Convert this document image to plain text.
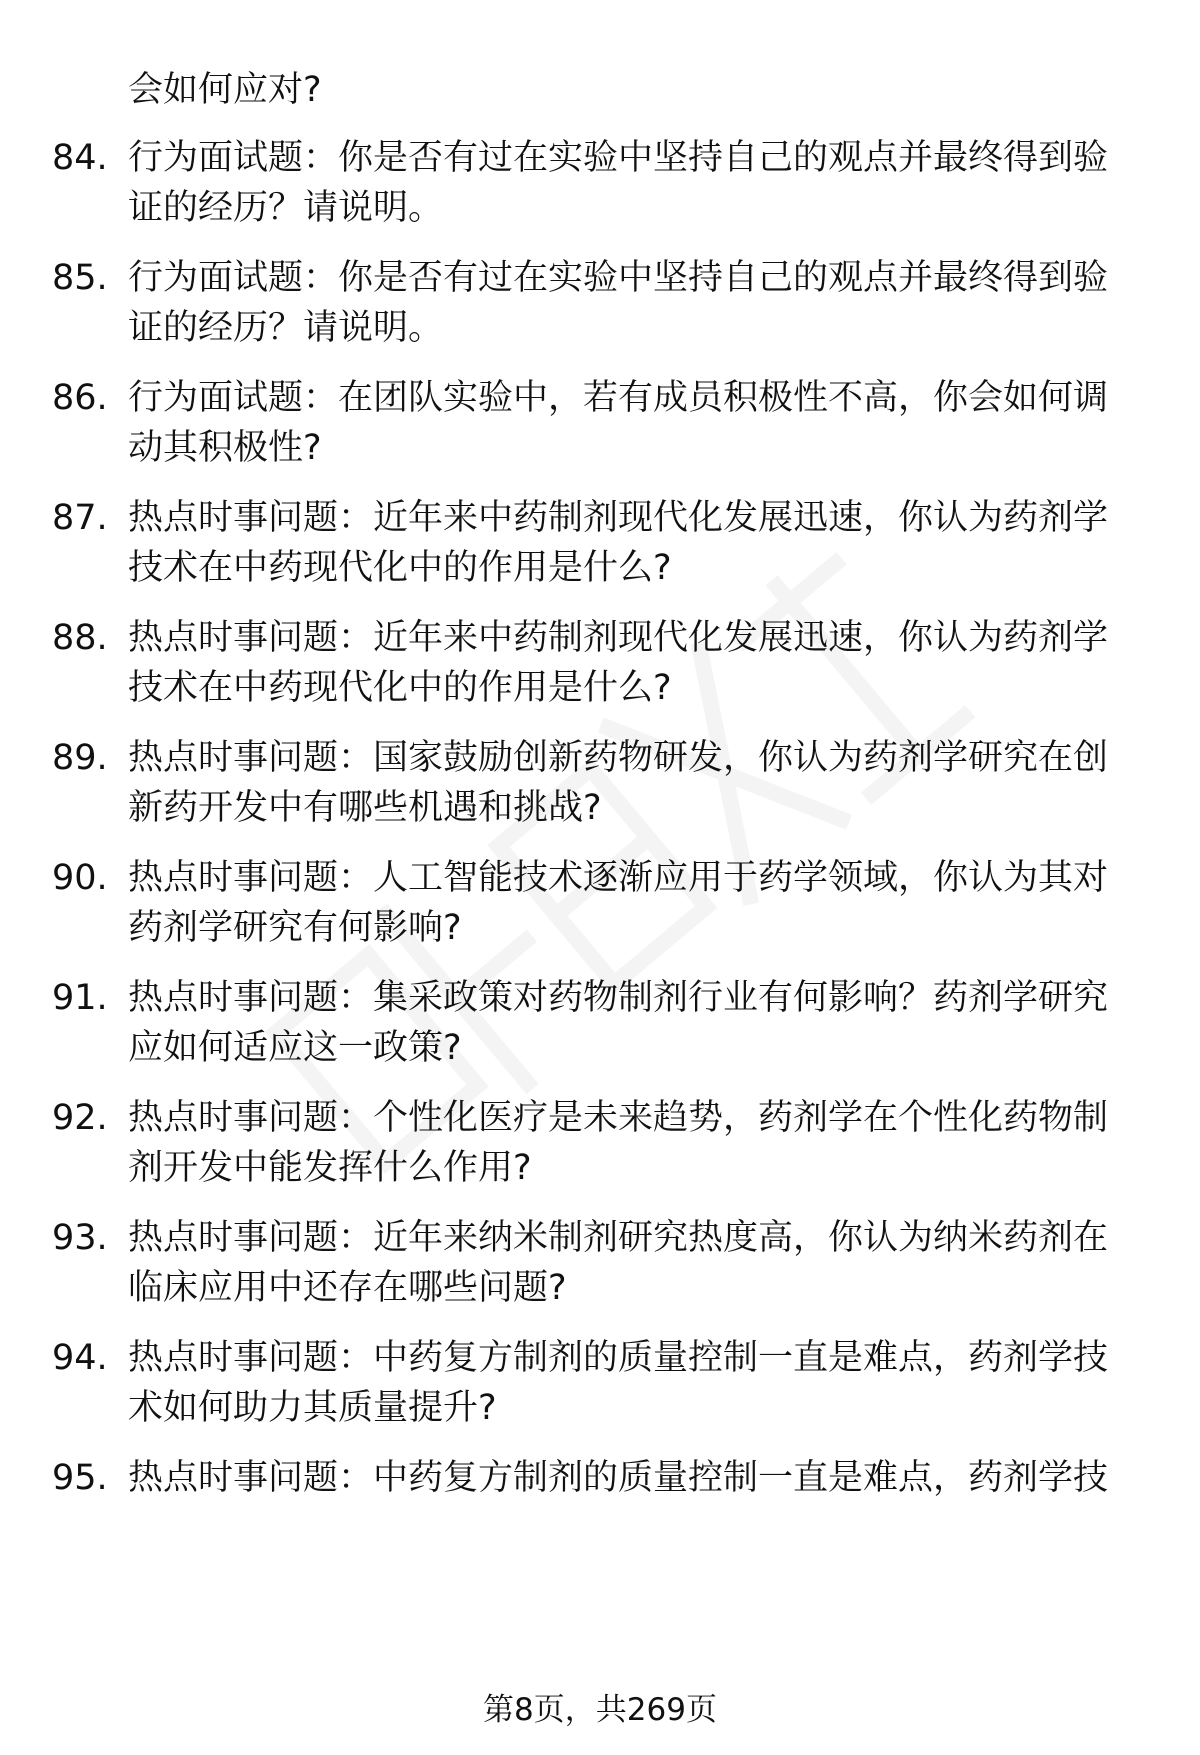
会如何应对?
84. 行为面试题：你是否有过在实验中坚持自己的观点并最终得到验证的经历？请说明。
85. 行为面试题：你是否有过在实验中坚持自己的观点并最终得到验证的经历？请说明。
86. 行为面试题：在团队实验中，若有成员积极性不高，你会如何调动其积极性?
87. 热点时事问题：近年来中药制剂现代化发展迅速，你认为药剂学技术在中药现代化中的作用是什么?
88. 热点时事问题：近年来中药制剂现代化发展迅速，你认为药剂学技术在中药现代化中的作用是什么?
89. 热点时事问题：国家鼓励创新药物研发，你认为药剂学研究在创新药开发中有哪些机遇和挑战?
90. 热点时事问题：人工智能技术逐渐应用于药学领域，你认为其对药剂学研究有何影响?
91. 热点时事问题：集采政策对药物制剂行业有何影响？药剂学研究应如何适应这一政策?
92. 热点时事问题：个性化医疗是未来趋势，药剂学在个性化药物制剂开发中能发挥什么作用?
93. 热点时事问题：近年来纳米制剂研究热度高，你认为纳米药剂在临床应用中还存在哪些问题?
94. 热点时事问题：中药复方制剂的质量控制一直是难点，药剂学技术如何助力其质量提升?
95. 热点时事问题：中药复方制剂的质量控制一直是难点，药剂学技
第8页，共269页
